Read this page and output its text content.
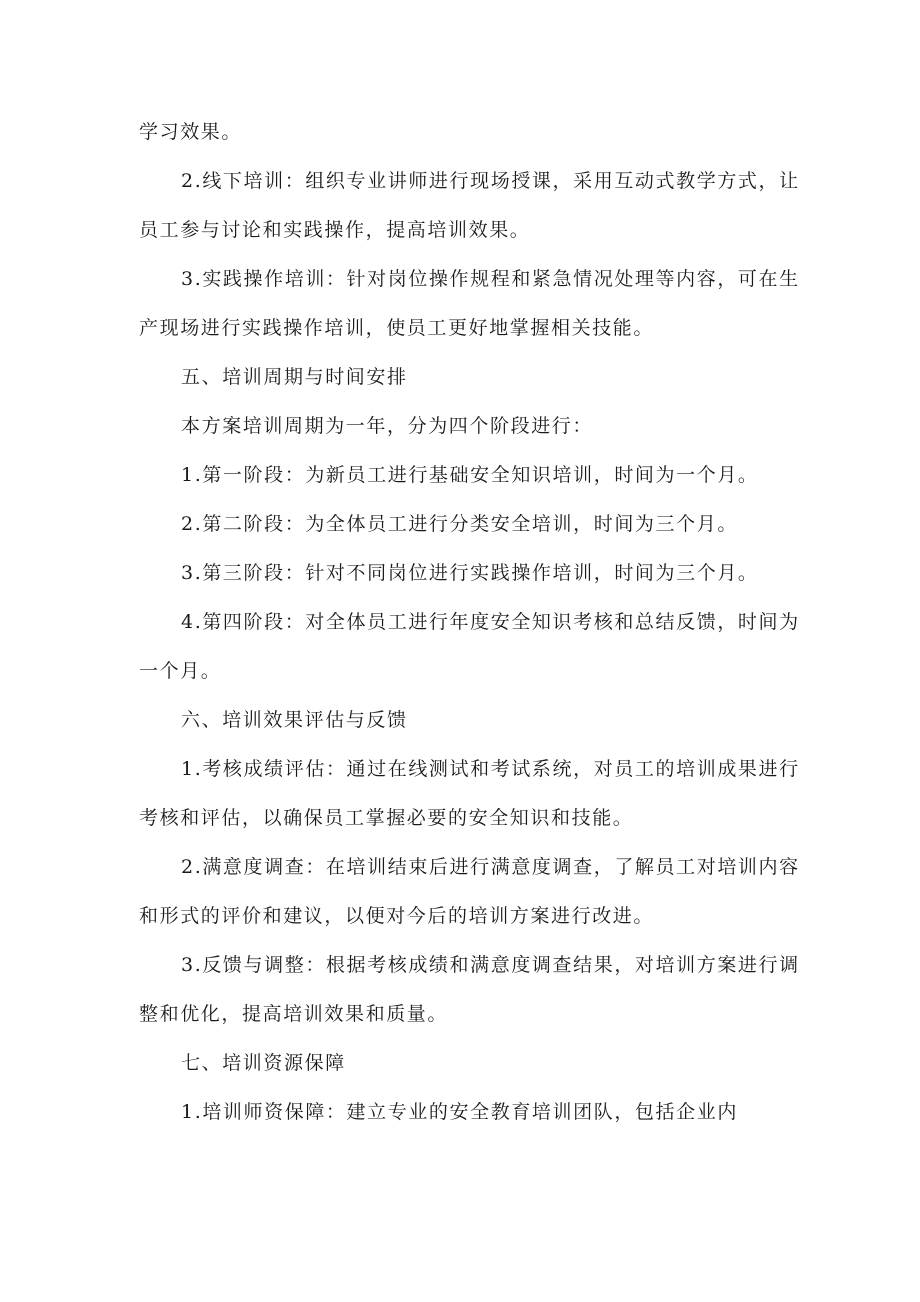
学习效果。
2.线下培训：组织专业讲师进行现场授课，采用互动式教学方式，让
员工参与讨论和实践操作，提高培训效果。
3.实践操作培训：针对岗位操作规程和紧急情况处理等内容，可在生
产现场进行实践操作培训，使员工更好地掌握相关技能。
五、培训周期与时间安排
本方案培训周期为一年，分为四个阶段进行：
1.第一阶段：为新员工进行基础安全知识培训，时间为一个月。
2.第二阶段：为全体员工进行分类安全培训，时间为三个月。
3.第三阶段：针对不同岗位进行实践操作培训，时间为三个月。
4.第四阶段：对全体员工进行年度安全知识考核和总结反馈，时间为
一个月。
六、培训效果评估与反馈
1.考核成绩评估：通过在线测试和考试系统，对员工的培训成果进行
考核和评估，以确保员工掌握必要的安全知识和技能。
2.满意度调查：在培训结束后进行满意度调查，了解员工对培训内容
和形式的评价和建议，以便对今后的培训方案进行改进。
3.反馈与调整：根据考核成绩和满意度调查结果，对培训方案进行调
整和优化，提高培训效果和质量。
七、培训资源保障
1.培训师资保障：建立专业的安全教育培训团队，包括企业内
